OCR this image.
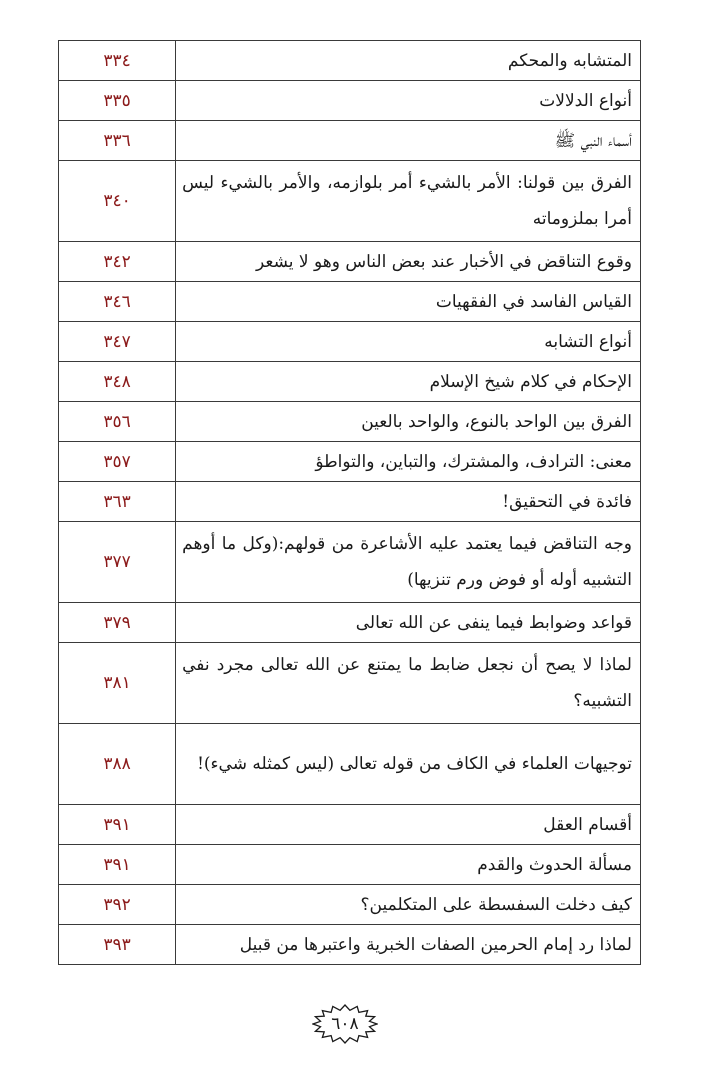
المتشابه والمحكم	٣٣٤
أنواع الدلالات	٣٣٥
أسماء النبي ﷺ	٣٣٦
الفرق بين قولنا: الأمر بالشيء أمر بلوازمه، والأمر بالشيء ليس أمرا بملزوماته	٣٤٠
وقوع التناقض في الأخبار عند بعض الناس وهو لا يشعر	٣٤٢
القياس الفاسد في الفقهيات	٣٤٦
أنواع التشابه	٣٤٧
الإحكام في كلام شيخ الإسلام	٣٤٨
الفرق بين الواحد بالنوع، والواحد بالعين	٣٥٦
معنى: الترادف، والمشترك، والتباين، والتواطؤ	٣٥٧
فائدة في التحقيق!	٣٦٣
وجه التناقض فيما يعتمد عليه الأشاعرة من قولهم:(وكل ما أوهم التشبيه أوله أو فوض ورم تنزيها)	٣٧٧
قواعد وضوابط فيما ينفى عن الله تعالى	٣٧٩
لماذا لا يصح أن نجعل ضابط ما يمتنع عن الله تعالى مجرد نفي التشبيه؟	٣٨١
توجيهات العلماء في الكاف من قوله تعالى (ليس كمثله شيء)!	٣٨٨
أقسام العقل	٣٩١
مسألة الحدوث والقدم	٣٩١
كيف دخلت السفسطة على المتكلمين؟	٣٩٢
لماذا رد إمام الحرمين الصفات الخبرية واعتبرها من قبيل	٣٩٣
٦٠٨
